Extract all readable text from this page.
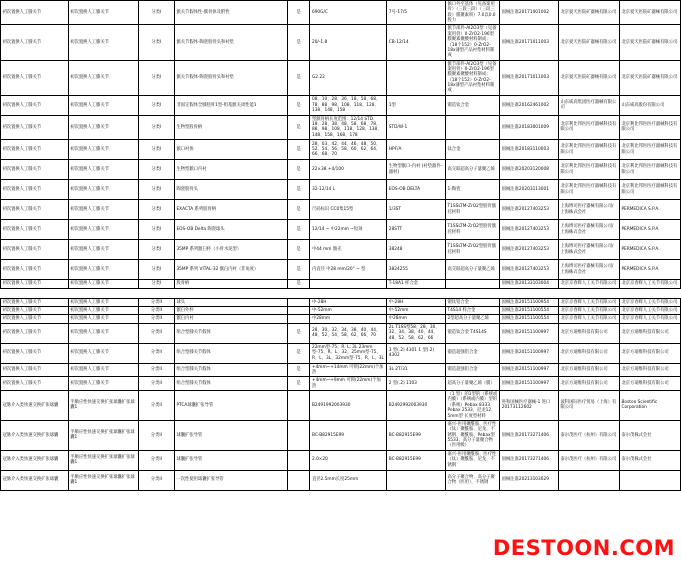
初次置换人工膝关节	初次置换人工膝关节	分类I	髌关节假体性-髌骨体及附性	是	690G/C	7号-17/5	髌口外至基体（见备案用骨）（三段三段）（三段三段）膜聚素积）7.0以0.0股力	国械注准20171001002	北京爱天医院矿器械有限公司	北京爱天医院矿器械有限公司
初次置换人工膝关节	初次置换人工膝关节	分类I	髌关节假体-陶瓷股骨头和衬垫	是	20/-1.8	CB-12/14	髌节部件-Al2O3型（见备案用骨）0-ZrO2-196型膜聚素聚酸材料制成；（18个152）0-ZrO2-18x薄型产品衬垫材料制成	国械注准20171011003	北京爱天医院矿器械有限公司	北京爱天医院矿器械有限公司
初次置换人工膝关节	初次置换人工膝关节	分类I	髌关节假体-陶瓷股骨头和衬垫	是	G2.22		髌节部件-Al2O3型（见备案用骨）0-ZrO2-196型膜聚素聚酸材料制成；（18个152）0-ZrO2-18x薄型产品衬垫材料制成	国械注准20171011003	北京爱天医院矿器械有限公司	北京爱天医院矿器械有限公司
初次置换人工膝关节	初次置换人工膝关节	分类I	非固定假体全膝胫骨1型-组基髌关闭性能1	是	08、10、28、36、18、58、68、78、88、98、108、118、128、138、148、158	1型	锻造钛合金	国械注准20162461002	山东威高集团医疗器械有限公司	山东威高股份有限公司
初次置换人工膝关节	初次置换人工膝关节	分类I	生物型股骨柄	是	型髌骨柄长度范围：12/14 STD、18、28、38、48、58、68、78、88、98、108、118、128、138、148、158、168、178	STD/W-1		国械注准20183001009	北京利比邦医医疗器械科技有限公司	北京利比邦医医疗器械科技有限公司
初次置换人工膝关节	初次置换人工膝关节	分类I	髌口衬体	是	28、03、42、44、46、48、50、52、54、56、58、60、62、64、66、68、70	HPF/A	钛合金	国械注准20183110003	北京利比邦医医疗器械科技有限公司	北京利比邦医医疗器械科技有限公司
初次置换人工膝关节	初次置换人工膝关节	分类I	生物型髌口内衬	是	22×38 +4/100	生物型髌口-内衬 (衬垫器件-器材)	高交联超高分子量聚乙烯	国械注准20203120008	北京利比邦医医疗器械科技有限公司	北京利比邦医医疗器械科技有限公司
初次置换人工膝关节	初次置换人工膝关节	分类I	陶瓷股骨头	是	32-12/14 L	EOS-OB DELTA	1-陶瓷	国械注准20203113001	北京利比邦医医疗器械科技有限公司	北京利比邦医医疗器械科技有限公司
初次置换人工膝关节	初次置换人工膝关节	分类I	EXACTA 系列股骨柄	是	尺码标识 CC0集15型	1/3ST	T1SSLTM-ZrO2型股骨髌托材料	国械注准20127403253	上海博司医疗器械有限公司/上海株式会社	PERMEDICA S.P.A.
初次置换人工膝关节	初次置换人工膝关节	分类I	EOS-OB Delta 陶瓷球头	是	12/14 ~ 中22mm ~短颈	28STT	T1SSLTM-ZrO2型股骨髌托材料	国械注准20127403253	上海博司医疗器械有限公司/上海株式会社	PERMEDICA S.P.A.
初次置换人工膝关节	初次置换人工膝关节	分类I	35MP 系列髌臼杯（小骨水泥型）	是	中44 mm 髌壳	38248	T1SSLTM-ZrO2型股骨髌托材料	国械注准20127403253	上海博司医疗器械有限公司/上海株式会社	PERMEDICA S.P.A.
初次置换人工膝关节	初次置换人工膝关节	分类I	35MP 系列 VITAL-32 髌臼内衬（非角度）	是	内直径 中28 mm/20° ~ 型	3824255	高交联超高分子量聚乙烯	国械注准20127403253	上海博司医疗器械有限公司/上海株式会社	PERMEDICA S.P.A.
初次置换人工膝关节	初次置换人工膝关节	分类I	股骨柄	是		T-18A1 样合金		国械注准20133103004	北京京春辉人工关节有限公司	北京京春辉人工关节有限公司
初次置换人工膝关节	初次置换人工膝关节	分类II	球头		中-28H	中-28H	锻钛铝合金	国械注准20151100954	北京京春辉人工关节有限公司	北京京春辉人工关节有限公司
初次置换人工膝关节	初次置换人工膝关节	分类II	髌臼外杯		中-52mm	中-52mm	T4S14 样合金	国械注准20151100554	北京京春辉人工关节有限公司	北京京春辉人工关节有限公司
初次置换人工膝关节	初次置换人工膝关节	分类II	髌臼内衬		中28mm	中28mm	2型超高分子量聚乙烯	国械注准20151100554	北京京春辉人工关节有限公司	北京京春辉人工关节有限公司
初次置换人工膝关节	初次置换人工膝关节	分类II	组合型膝关节假体	是	28、30、32、34、38、40、44、48、52、54、58、62、66、70	2L T1SS型58、28、30、32、34、38、40、44、48、52、58、62、66	锻造钛合金 T4S14S	国械注准20151100997	北京方迪维科技有限公司	北京方迪维科技有限公司
初次置换人工膝关节	初次置换人工膝关节	分类II	组合型膝关节假体	是	22mm型-75、R. L. 3L 23mm型-75、R、L、32、25mm型-75、R、L、3L、32mm型-75、R、L、3L	3 型(.2) 4301 1 型(.2) 4302	锻造超强铝合金	国械注准20151100997	北京方迪维科技有限公司	北京方迪维科技有限公司
初次置换人工膝关节	初次置换人工膝关节	分类II	组合型膝关节假体	是	+4mm~+14mm 可锁(22mm)个加热	3L 2T/31	锻造超强铝合金	国械注准20151100997	北京方迪维科技有限公司	北京方迪维科技有限公司
初次置换人工膝关节	初次置换人工膝关节	分类II	组合型膝关节假体	是	+4mm~+9mm 可锁(22mm)个加热	2 型(.2) 1103	超高分子量聚乙烯（膜）	国械注准20151100997	北京方迪维科技有限公司	北京方迪维科技有限公司
冠脉介入类快速交换扩张球囊	半顺应性快速交换扩张球囊扩张球囊1	分类II	PTCA球囊扩张导管		B2491992003930	B2492992003930	（1 型）的1型的（系统或内膜）（系统或内膜）型的（系统）Pebax 8333、Pebax 2533、尼龙12、5mm型 长度型材料	进和国械医疗器械-1 进口20173112602	波科国际医疗贸易（上海）有限公司	Boston Scientific Corporation
冠脉介入类快速交换扩张球囊	半顺应性快速交换扩张球囊扩张球囊1	分类II	球囊扩张导管		BC-B82915E99	BC-B82915E99	嘉兴-医用聚酰胺、医疗性（钛）聚酰胺、尼龙、不锈钢、聚酰胺、Pebax型5533；高分子量聚合物（医用级）	国械注准20173271406	泰尔茂医疗（杭州）有限公司	泰尔茂株式会社
冠脉介入类快速交换扩张球囊	半顺应性快速交换扩张球囊扩张球囊1	分类II	球囊扩张导管		2.0×20	BC-B82915E99	嘉兴-医用聚酰胺、医疗性（钛）聚酰胺、尼龙、不锈钢	国械注准20173271406	泰尔茂医疗（杭州）有限公司	泰尔茂株式会社
冠脉介入类快速交换扩张球囊	半顺应性快速交换扩张球囊扩张球囊1	分类II	一次性使用球囊扩张导管		直径2.5mm长度25mm		高分子聚合物、高分子聚合物（医用）、不锈钢	国械注准20213103029		
DESTOON.COM
